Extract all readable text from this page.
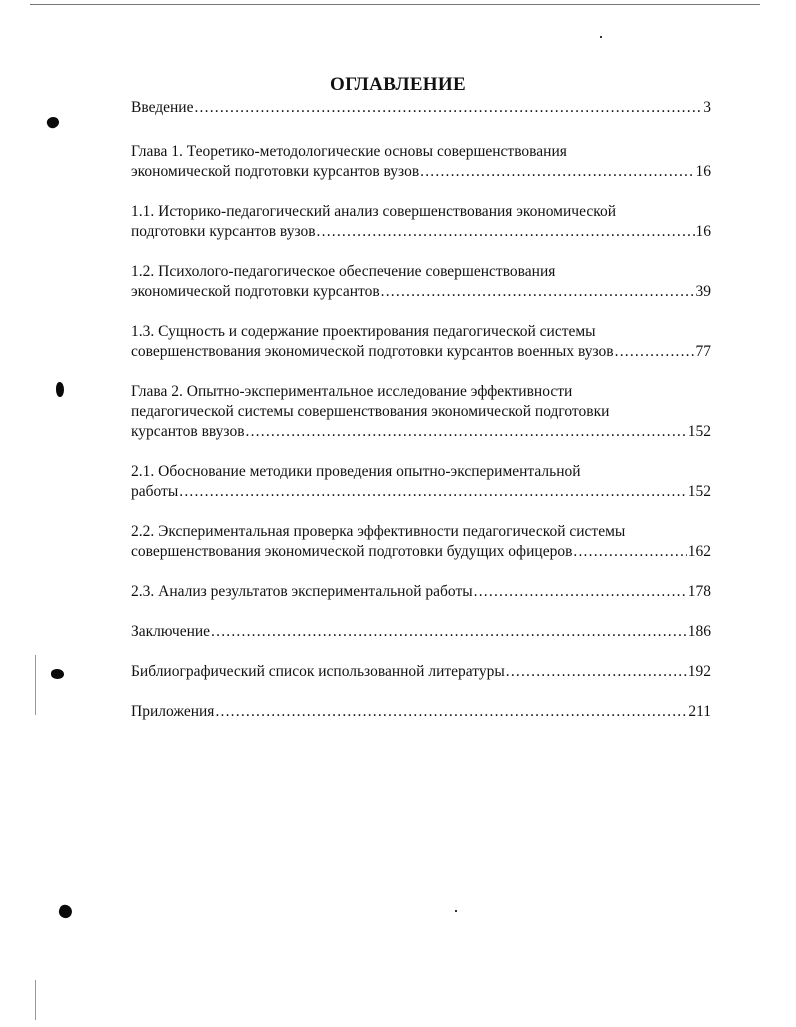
ОГЛАВЛЕНИЕ
Введение .....	3
Глава 1. Теоретико-методологические основы совершенствования
экономической подготовки курсантов вузов .....	16
1.1. Историко-педагогический анализ совершенствования экономической
подготовки курсантов вузов .....	16
1.2. Психолого-педагогическое обеспечение совершенствования
экономической подготовки курсантов .....	39
1.3. Сущность и содержание проектирования педагогической системы
совершенствования экономической подготовки курсантов военных вузов .....	77
Глава 2. Опытно-экспериментальное исследование эффективности
педагогической системы совершенствования экономической подготовки
курсантов ввузов .....	152
2.1. Обоснование методики проведения опытно-экспериментальной
работы .....	152
2.2. Экспериментальная проверка эффективности педагогической системы
совершенствования экономической подготовки будущих офицеров .....	162
2.3. Анализ результатов экспериментальной работы .....	178
Заключение .....	186
Библиографический список использованной литературы .....	192
Приложения .....	211
